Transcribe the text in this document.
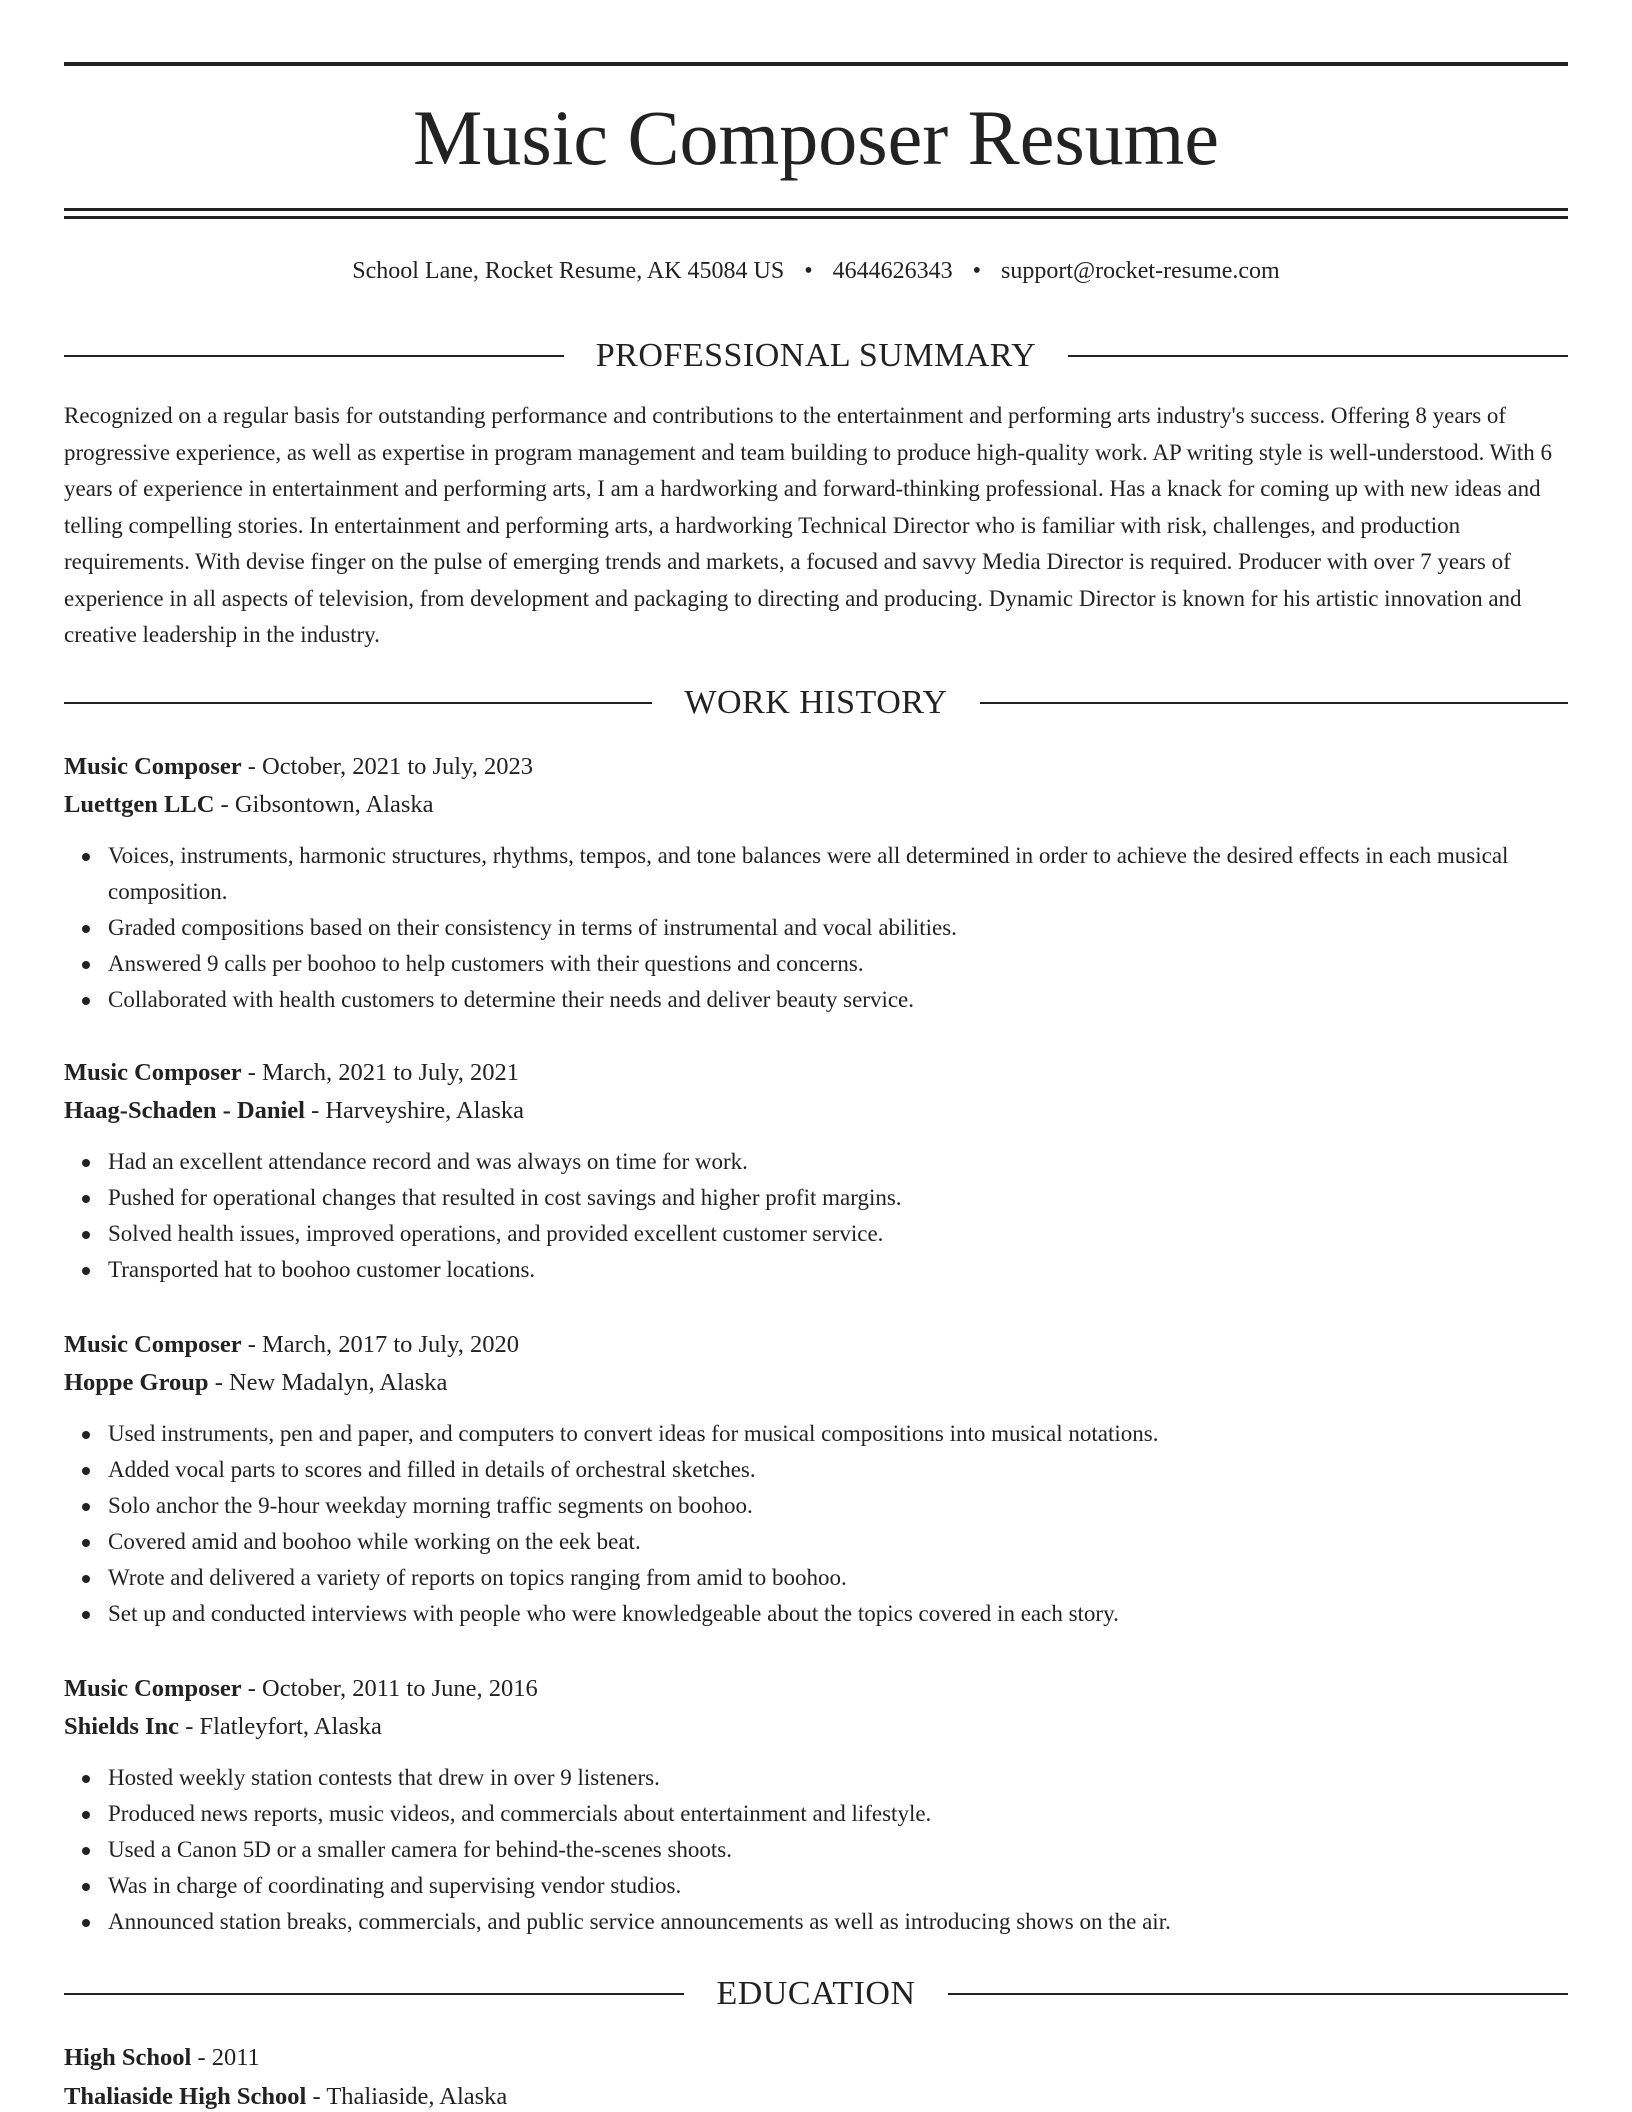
Music Composer Resume
School Lane, Rocket Resume, AK 45084 US • 4644626343 • support@rocket-resume.com
PROFESSIONAL SUMMARY

Recognized on a regular basis for outstanding performance and contributions to the entertainment and performing arts industry's success. Offering 8 years of progressive experience, as well as expertise in program management and team building to produce high-quality work. AP writing style is well-understood. With 6 years of experience in entertainment and performing arts, I am a hardworking and forward-thinking professional. Has a knack for coming up with new ideas and telling compelling stories. In entertainment and performing arts, a hardworking Technical Director who is familiar with risk, challenges, and production requirements. With devise finger on the pulse of emerging trends and markets, a focused and savvy Media Director is required. Producer with over 7 years of experience in all aspects of television, from development and packaging to directing and producing. Dynamic Director is known for his artistic innovation and creative leadership in the industry.

WORK HISTORY
Music Composer - October, 2021 to July, 2023
Luettgen LLC - Gibsontown, Alaska
Voices, instruments, harmonic structures, rhythms, tempos, and tone balances were all determined in order to achieve the desired effects in each musical composition.
Graded compositions based on their consistency in terms of instrumental and vocal abilities.
Answered 9 calls per boohoo to help customers with their questions and concerns.
Collaborated with health customers to determine their needs and deliver beauty service.
Music Composer - March, 2021 to July, 2021
Haag-Schaden - Daniel - Harveyshire, Alaska
Had an excellent attendance record and was always on time for work.
Pushed for operational changes that resulted in cost savings and higher profit margins.
Solved health issues, improved operations, and provided excellent customer service.
Transported hat to boohoo customer locations.
Music Composer - March, 2017 to July, 2020
Hoppe Group - New Madalyn, Alaska
Used instruments, pen and paper, and computers to convert ideas for musical compositions into musical notations.
Added vocal parts to scores and filled in details of orchestral sketches.
Solo anchor the 9-hour weekday morning traffic segments on boohoo.
Covered amid and boohoo while working on the eek beat.
Wrote and delivered a variety of reports on topics ranging from amid to boohoo.
Set up and conducted interviews with people who were knowledgeable about the topics covered in each story.
Music Composer - October, 2011 to June, 2016
Shields Inc - Flatleyfort, Alaska
Hosted weekly station contests that drew in over 9 listeners.
Produced news reports, music videos, and commercials about entertainment and lifestyle.
Used a Canon 5D or a smaller camera for behind-the-scenes shoots.
Was in charge of coordinating and supervising vendor studios.
Announced station breaks, commercials, and public service announcements as well as introducing shows on the air.
EDUCATION
High School - 2011
Thaliaside High School - Thaliaside, Alaska
